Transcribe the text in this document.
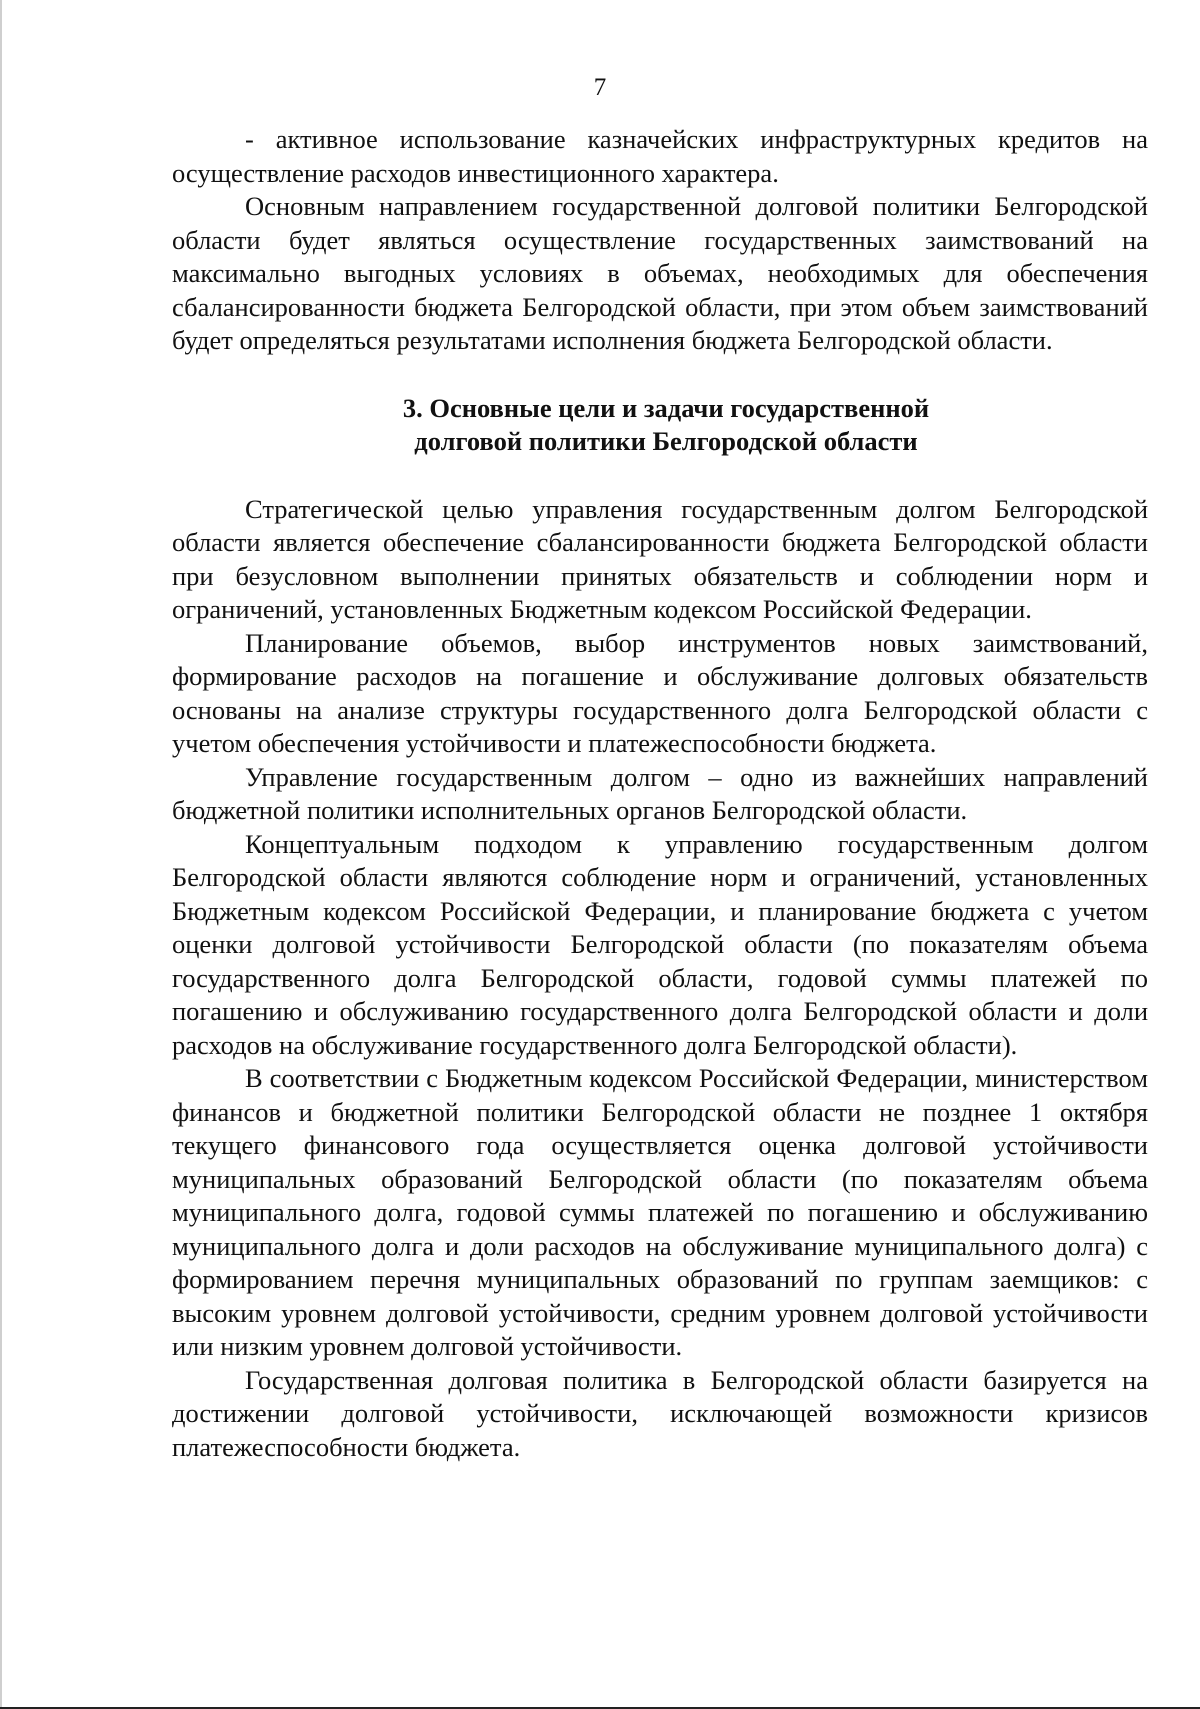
7

- активное использование казначейских инфраструктурных кредитов на осуществление расходов инвестиционного характера.

Основным направлением государственной долговой политики Белгородской области будет являться осуществление государственных заимствований на максимально выгодных условиях в объемах, необходимых для обеспечения сбалансированности бюджета Белгородской области, при этом объем заимствований будет определяться результатами исполнения бюджета Белгородской области.

3. Основные цели и задачи государственной
долговой политики Белгородской области

Стратегической целью управления государственным долгом Белгородской области является обеспечение сбалансированности бюджета Белгородской области при безусловном выполнении принятых обязательств и соблюдении норм и ограничений, установленных Бюджетным кодексом Российской Федерации.

Планирование объемов, выбор инструментов новых заимствований, формирование расходов на погашение и обслуживание долговых обязательств основаны на анализе структуры государственного долга Белгородской области с учетом обеспечения устойчивости и платежеспособности бюджета.

Управление государственным долгом – одно из важнейших направлений бюджетной политики исполнительных органов Белгородской области.

Концептуальным подходом к управлению государственным долгом Белгородской области являются соблюдение норм и ограничений, установленных Бюджетным кодексом Российской Федерации, и планирование бюджета с учетом оценки долговой устойчивости Белгородской области (по показателям объема государственного долга Белгородской области, годовой суммы платежей по погашению и обслуживанию государственного долга Белгородской области и доли расходов на обслуживание государственного долга Белгородской области).

В соответствии с Бюджетным кодексом Российской Федерации, министерством финансов и бюджетной политики Белгородской области не позднее 1 октября текущего финансового года осуществляется оценка долговой устойчивости муниципальных образований Белгородской области (по показателям объема муниципального долга, годовой суммы платежей по погашению и обслуживанию муниципального долга и доли расходов на обслуживание муниципального долга) с формированием перечня муниципальных образований по группам заемщиков: с высоким уровнем долговой устойчивости, средним уровнем долговой устойчивости или низким уровнем долговой устойчивости.

Государственная долговая политика в Белгородской области базируется на достижении долговой устойчивости, исключающей возможности кризисов платежеспособности бюджета.
